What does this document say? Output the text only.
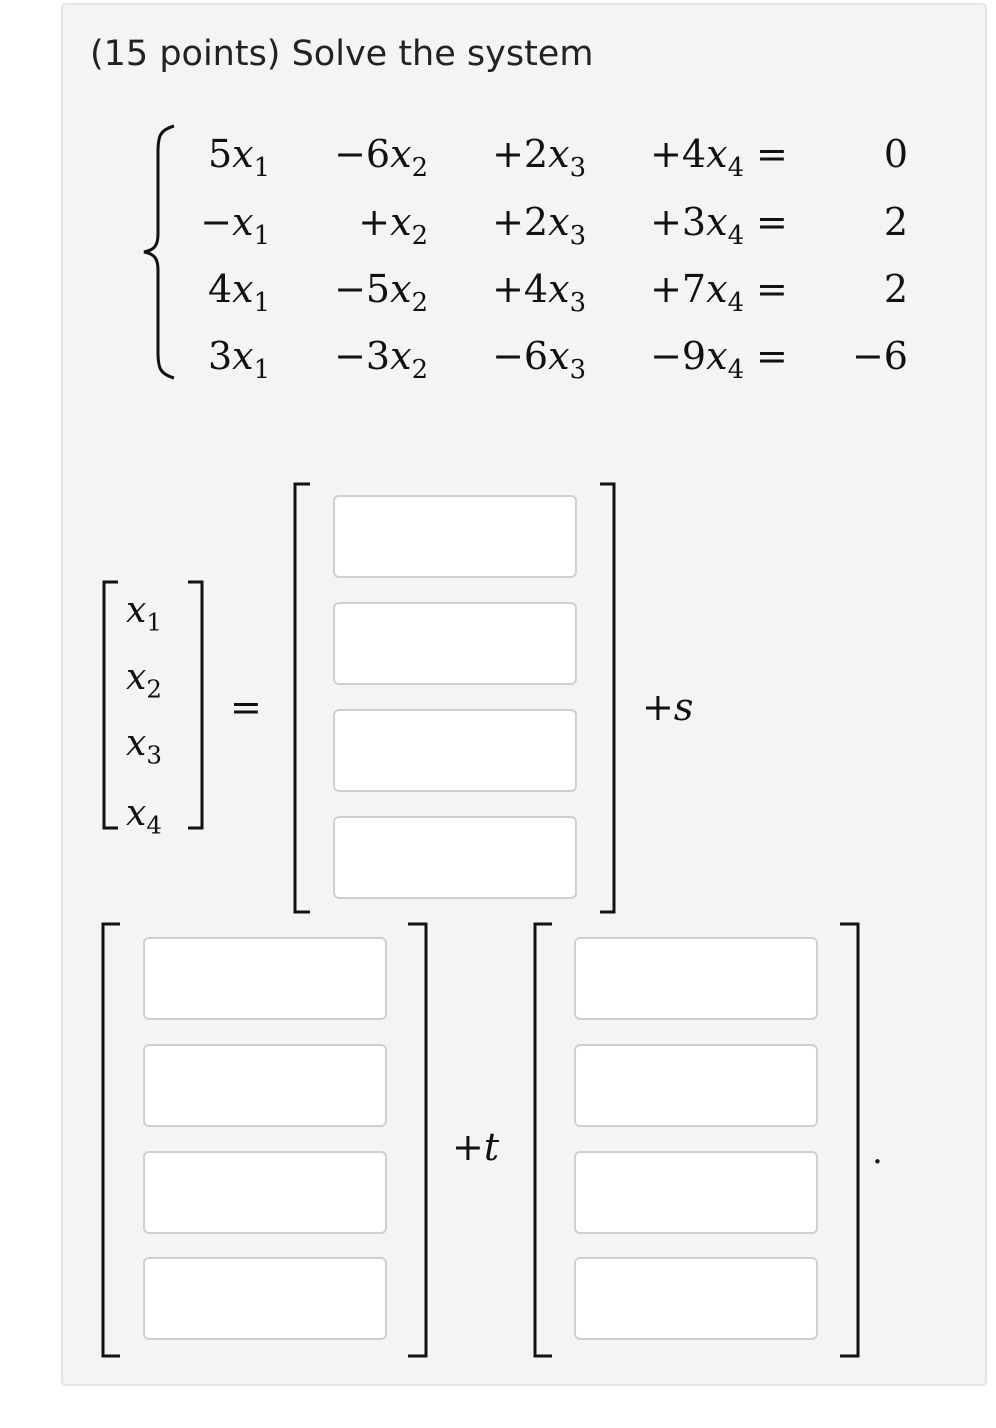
(15 points) Solve the system
$5x_1$	$-6x_2$	$+2x_3$	$+4x_4$ =	0
$-x_1$	$+x_2$	$+2x_3$	$+3x_4$ =	2
$4x_1$	$-5x_2$	$+4x_3$	$+7x_4$ =	2
$3x_1$	$-3x_2$	$-6x_3$	$-9x_4$ =	−6
$x_1$
$x_2$
$x_3$
$x_4$
=	+s
+t	.
